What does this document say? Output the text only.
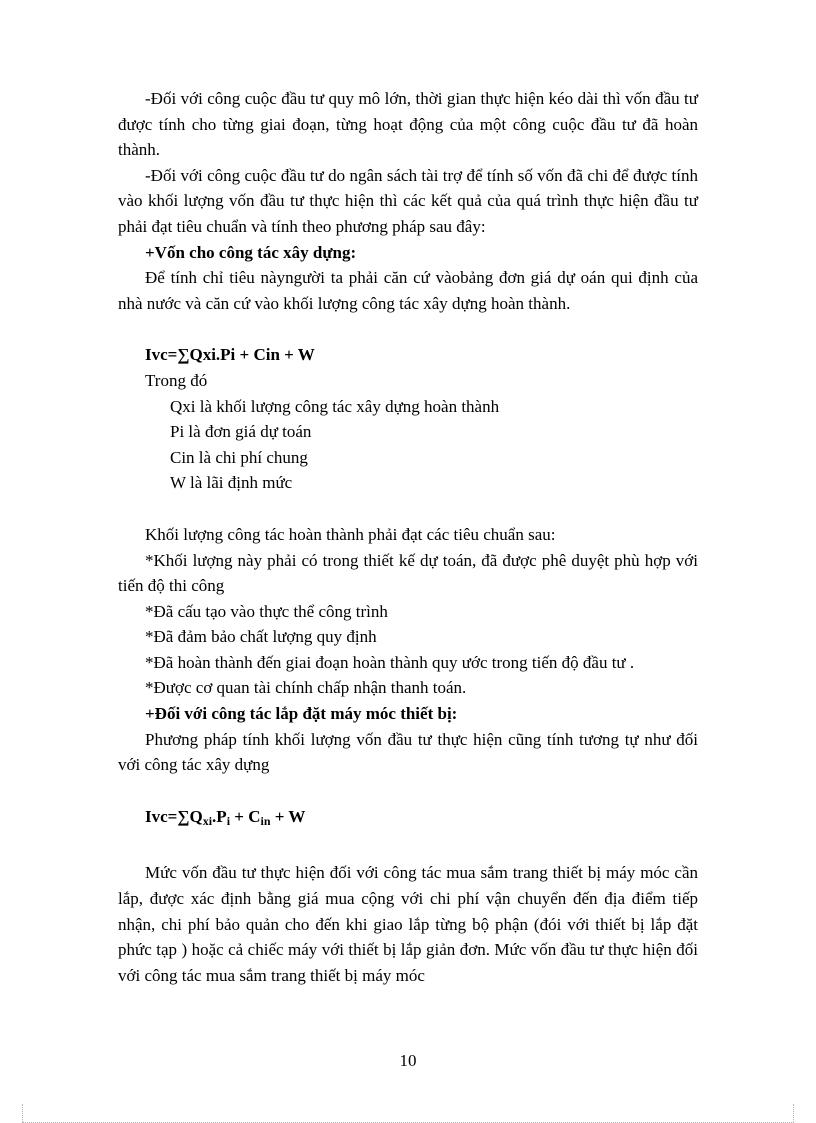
-Đối với công cuộc đầu tư quy mô lớn, thời gian thực hiện kéo dài thì vốn đầu tư được tính cho từng giai đoạn, từng hoạt động của một công cuộc đầu tư đã hoàn thành.

-Đối với công cuộc đầu tư do ngân sách tài trợ để tính số vốn đã chi để được tính vào khối lượng vốn đầu tư thực hiện thì các kết quả của quá trình thực hiện đầu tư phải đạt tiêu chuẩn và tính theo phương pháp sau đây:

+Vốn cho công tác xây dựng:

Để tính chỉ tiêu nàyngười ta phải căn cứ vàobảng đơn giá dự oán qui định của nhà nước và căn cứ vào khối lượng công tác xây dựng hoàn thành.

Ivc=∑Qxi.Pi + Cin + W

Trong đó

Qxi là khối lượng công tác xây dựng hoàn thành

Pi là đơn giá dự toán

Cin là chi phí chung

W là lãi định mức

Khối lượng công tác hoàn thành phải đạt các tiêu chuẩn sau:

*Khối lượng này phải có trong thiết kế dự toán, đã được phê duyệt phù hợp với tiến độ thi công

*Đã cấu tạo vào thực thể công trình

*Đã đảm bảo chất lượng quy định

*Đã hoàn thành đến giai đoạn hoàn thành quy ước trong tiến độ đầu tư .

*Được cơ quan tài chính chấp nhận thanh toán.

+Đối với công tác lắp đặt máy móc thiết bị:

Phương pháp tính khối lượng vốn đầu tư thực hiện cũng tính tương tự như đối với công tác xây dựng

$Ivc=\sum Q_{xi}.P_i + C_{in} + W$

Mức vốn đầu tư thực hiện đối với công tác mua sắm trang thiết bị máy móc cần lắp, được xác định bằng giá mua cộng với chi phí vận chuyển đến địa điểm tiếp nhận, chi phí bảo quản cho đến khi giao lắp từng bộ phận (đói với thiết bị lắp đặt phức tạp ) hoặc cả chiếc máy với thiết bị lắp giản đơn. Mức vốn đầu tư thực hiện đối với công tác mua sắm trang thiết bị máy móc

10
